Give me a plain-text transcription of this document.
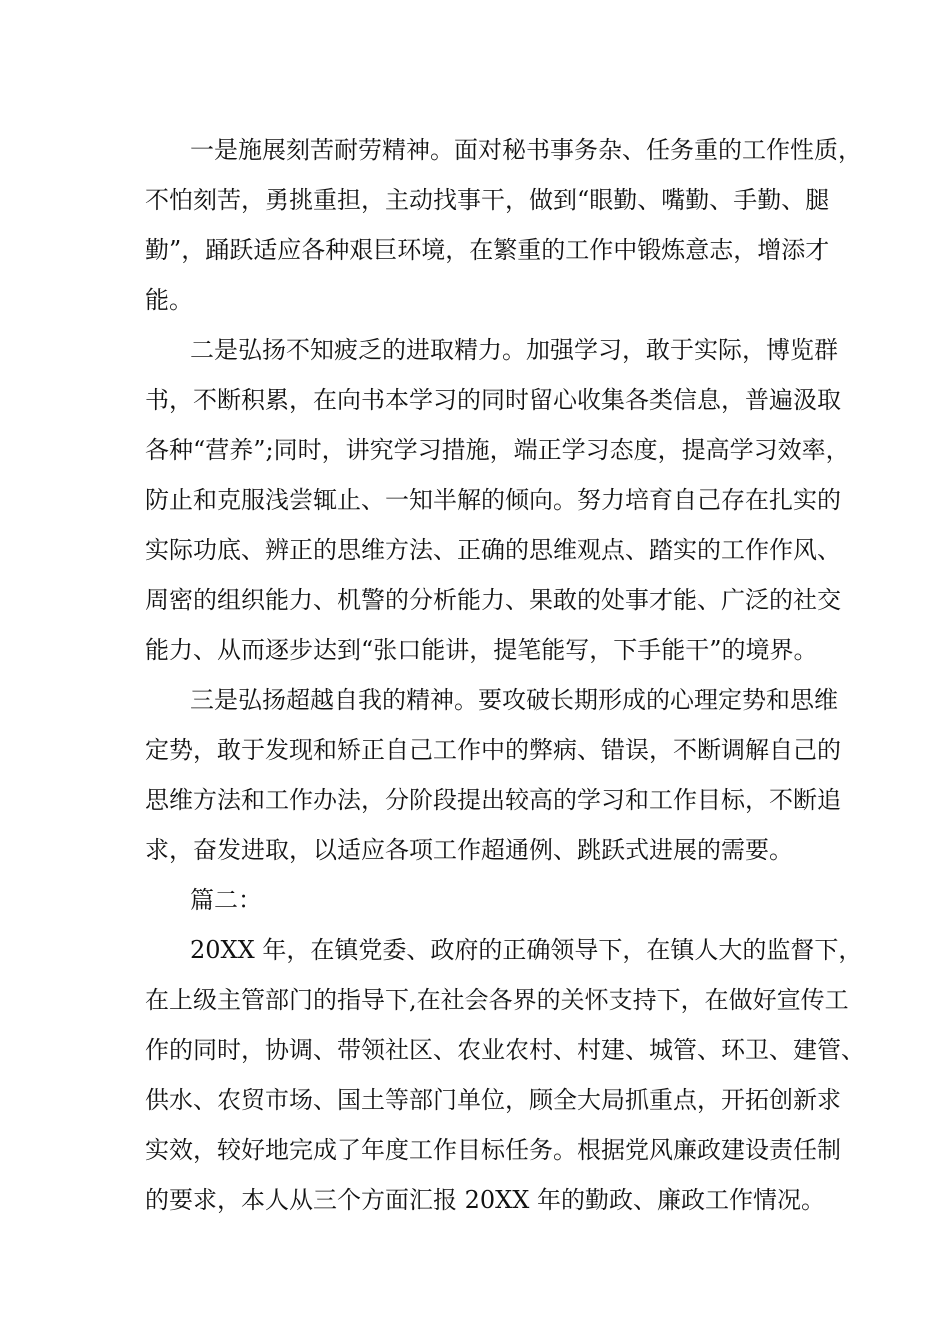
一是施展刻苦耐劳精神。面对秘书事务杂、任务重的工作性质，
不怕刻苦，勇挑重担，主动找事干，做到“眼勤、嘴勤、手勤、腿
勤”，踊跃适应各种艰巨环境，在繁重的工作中锻炼意志，增添才
能。
二是弘扬不知疲乏的进取精力。加强学习，敢于实际，博览群
书，不断积累，在向书本学习的同时留心收集各类信息，普遍汲取
各种“营养”;同时，讲究学习措施，端正学习态度，提高学习效率，
防止和克服浅尝辄止、一知半解的倾向。努力培育自己存在扎实的
实际功底、辨正的思维方法、正确的思维观点、踏实的工作作风、
周密的组织能力、机警的分析能力、果敢的处事才能、广泛的社交
能力、从而逐步达到“张口能讲，提笔能写，下手能干”的境界。
三是弘扬超越自我的精神。要攻破长期形成的心理定势和思维
定势，敢于发现和矫正自己工作中的弊病、错误，不断调解自己的
思维方法和工作办法，分阶段提出较高的学习和工作目标，不断追
求，奋发进取，以适应各项工作超通例、跳跃式进展的需要。
篇二：
20XX 年，在镇党委、政府的正确领导下，在镇人大的监督下，
在上级主管部门的指导下,在社会各界的关怀支持下，在做好宣传工
作的同时，协调、带领社区、农业农村、村建、城管、环卫、建管、
供水、农贸市场、国土等部门单位，顾全大局抓重点，开拓创新求
实效，较好地完成了年度工作目标任务。根据党风廉政建设责任制
的要求，本人从三个方面汇报 20XX 年的勤政、廉政工作情况。
